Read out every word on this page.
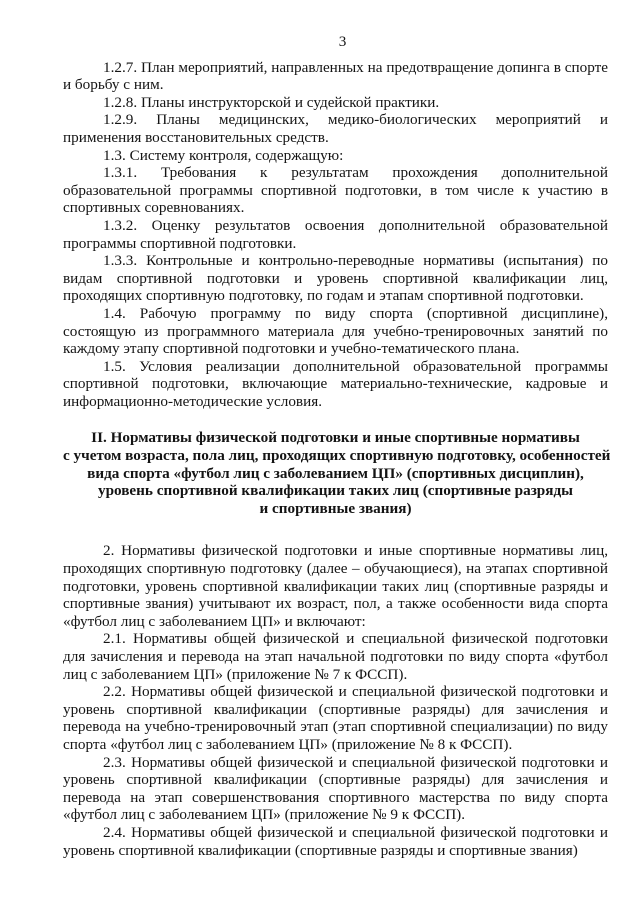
3

1.2.7. План мероприятий, направленных на предотвращение допинга в спорте и борьбу с ним.

1.2.8. Планы инструкторской и судейской практики.

1.2.9. Планы медицинских, медико-биологических мероприятий и применения восстановительных средств.

1.3. Систему контроля, содержащую:

1.3.1. Требования к результатам прохождения дополнительной образовательной программы спортивной подготовки, в том числе к участию в спортивных соревнованиях.

1.3.2. Оценку результатов освоения дополнительной образовательной программы спортивной подготовки.

1.3.3. Контрольные и контрольно-переводные нормативы (испытания) по видам спортивной подготовки и уровень спортивной квалификации лиц, проходящих спортивную подготовку, по годам и этапам спортивной подготовки.

1.4. Рабочую программу по виду спорта (спортивной дисциплине), состоящую из программного материала для учебно-тренировочных занятий по каждому этапу спортивной подготовки и учебно-тематического плана.

1.5. Условия реализации дополнительной образовательной программы спортивной подготовки, включающие материально-технические, кадровые и информационно-методические условия.

II. Нормативы физической подготовки и иные спортивные нормативы
с учетом возраста, пола лиц, проходящих спортивную подготовку, особенностей
вида спорта «футбол лиц с заболеванием ЦП» (спортивных дисциплин),
уровень спортивной квалификации таких лиц (спортивные разряды
и спортивные звания)

2. Нормативы физической подготовки и иные спортивные нормативы лиц, проходящих спортивную подготовку (далее – обучающиеся), на этапах спортивной подготовки, уровень спортивной квалификации таких лиц (спортивные разряды и спортивные звания) учитывают их возраст, пол, а также особенности вида спорта «футбол лиц с заболеванием ЦП» и включают:

2.1. Нормативы общей физической и специальной физической подготовки для зачисления и перевода на этап начальной подготовки по виду спорта «футбол лиц с заболеванием ЦП» (приложение № 7 к ФССП).

2.2. Нормативы общей физической и специальной физической подготовки и уровень спортивной квалификации (спортивные разряды) для зачисления и перевода на учебно-тренировочный этап (этап спортивной специализации) по виду спорта «футбол лиц с заболеванием ЦП» (приложение № 8 к ФССП).

2.3. Нормативы общей физической и специальной физической подготовки и уровень спортивной квалификации (спортивные разряды) для зачисления и перевода на этап совершенствования спортивного мастерства по виду спорта «футбол лиц с заболеванием ЦП» (приложение № 9 к ФССП).

2.4. Нормативы общей физической и специальной физической подготовки и уровень спортивной квалификации (спортивные разряды и спортивные звания)
